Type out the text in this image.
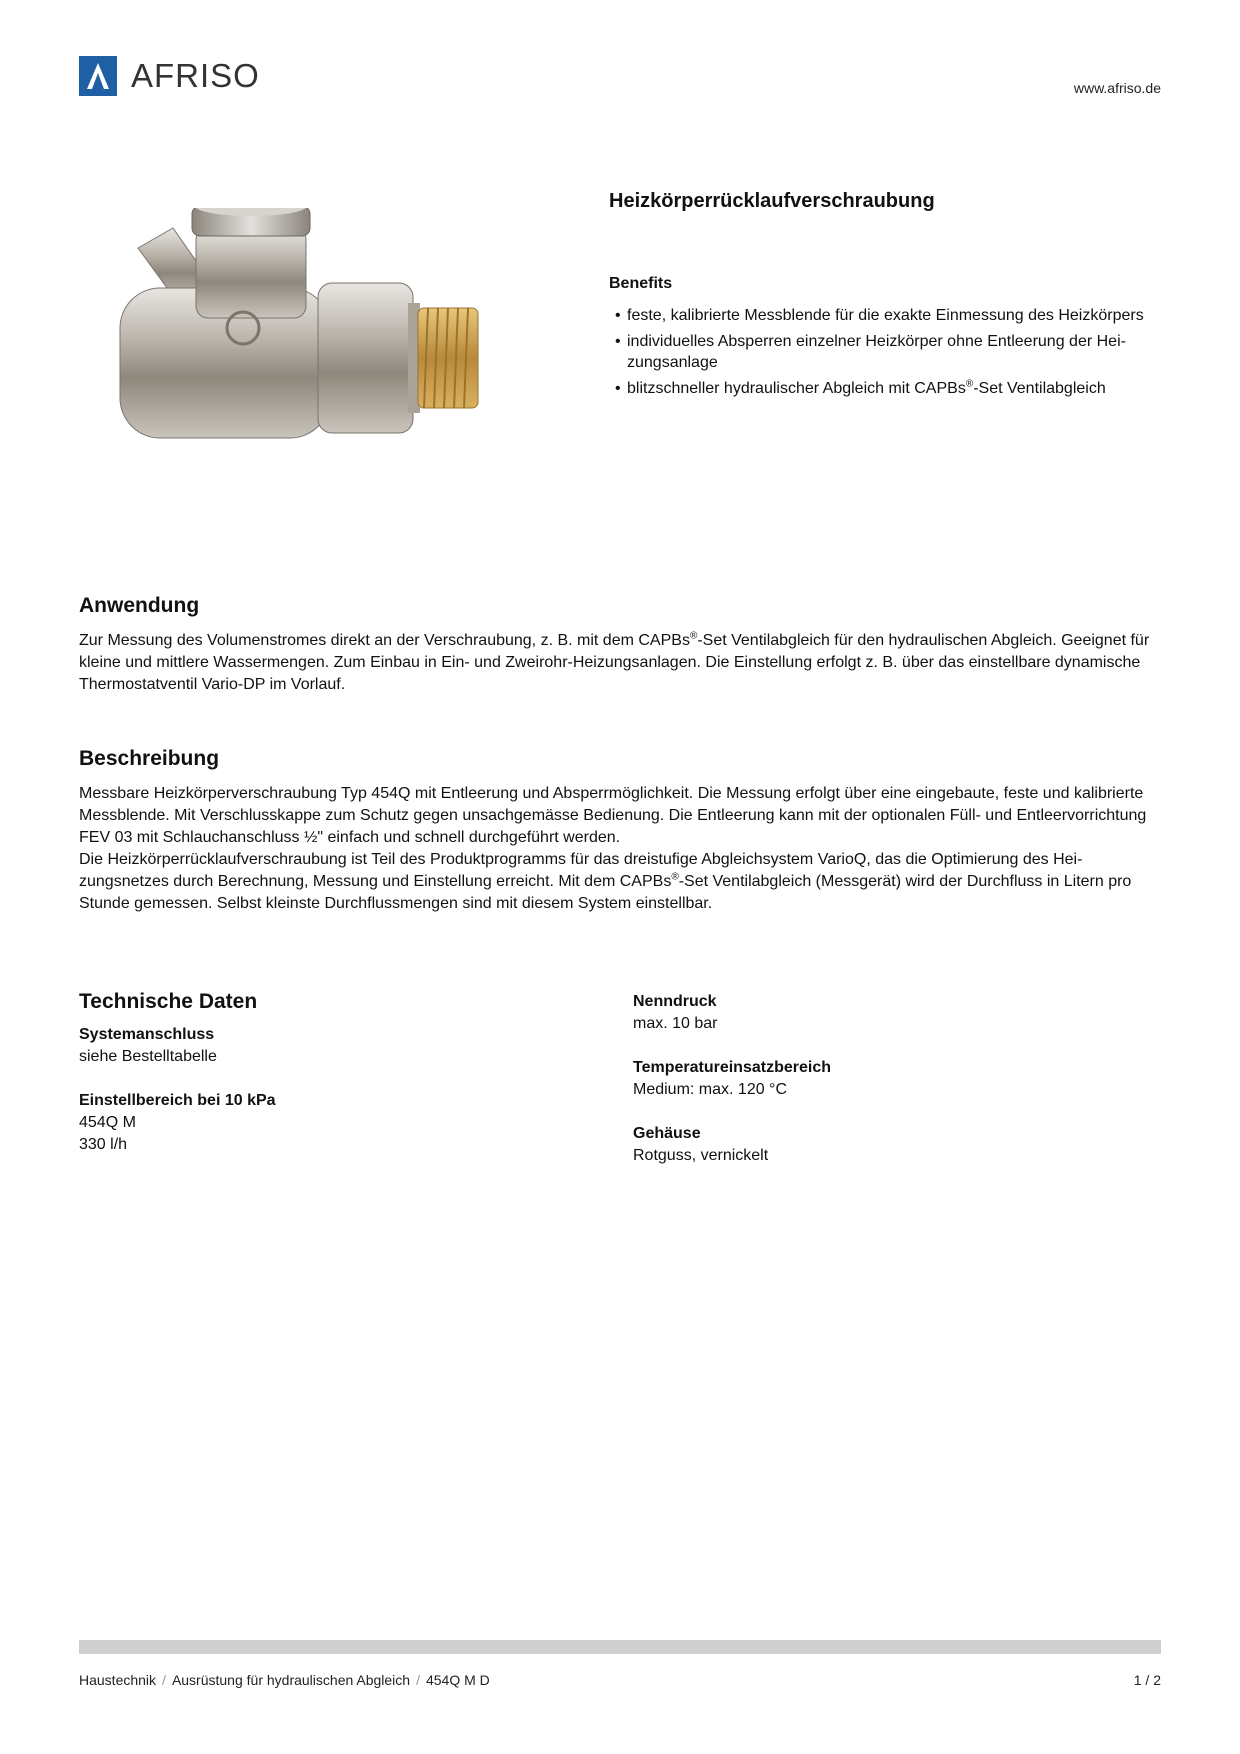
AFRISO	www.afriso.de
Heizkörperrücklaufverschraubung
Benefits
• feste, kalibrierte Messblende für die exakte Einmessung des Heizkörpers
• individuelles Absperren einzelner Heizkörper ohne Entleerung der Heizungsanlage
• blitzschneller hydraulischer Abgleich mit CAPBs®-Set Ventilabgleich
Anwendung

Zur Messung des Volumenstromes direkt an der Verschraubung, z. B. mit dem CAPBs®-Set Ventilabgleich für den hydraulischen Abgleich. Geeignet für kleine und mittlere Wassermengen. Zum Einbau in Ein- und Zweirohr-Heizungsanlagen. Die Einstellung erfolgt z. B. über das einstellbare dynamische Thermostatventil Vario-DP im Vorlauf.

Beschreibung

Messbare Heizkörperverschraubung Typ 454Q mit Entleerung und Absperrmöglichkeit. Die Messung erfolgt über eine eingebaute, feste und kalibrierte Messblende. Mit Verschlusskappe zum Schutz gegen unsachgemässe Bedienung. Die Entleerung kann mit der optionalen Füll- und Entleervorrichtung FEV 03 mit Schlauchanschluss ½" einfach und schnell durchgeführt werden.

Die Heizkörperrücklaufverschraubung ist Teil des Produktprogramms für das dreistufige Abgleichsystem VarioQ, das die Optimierung des Heizungsnetzes durch Berechnung, Messung und Einstellung erreicht. Mit dem CAPBs®-Set Ventilabgleich (Messgerät) wird der Durchfluss in Litern pro Stunde gemessen. Selbst kleinste Durchflussmengen sind mit diesem System einstellbar.

Technische Daten
Systemanschluss
siehe Bestelltabelle
Einstellbereich bei 10 kPa
454Q M
330 l/h
Nenndruck
max. 10 bar
Temperatureinsatzbereich
Medium: max. 120 °C
Gehäuse
Rotguss, vernickelt
Haustechnik / Ausrüstung für hydraulischen Abgleich / 454Q M D	1 / 2
